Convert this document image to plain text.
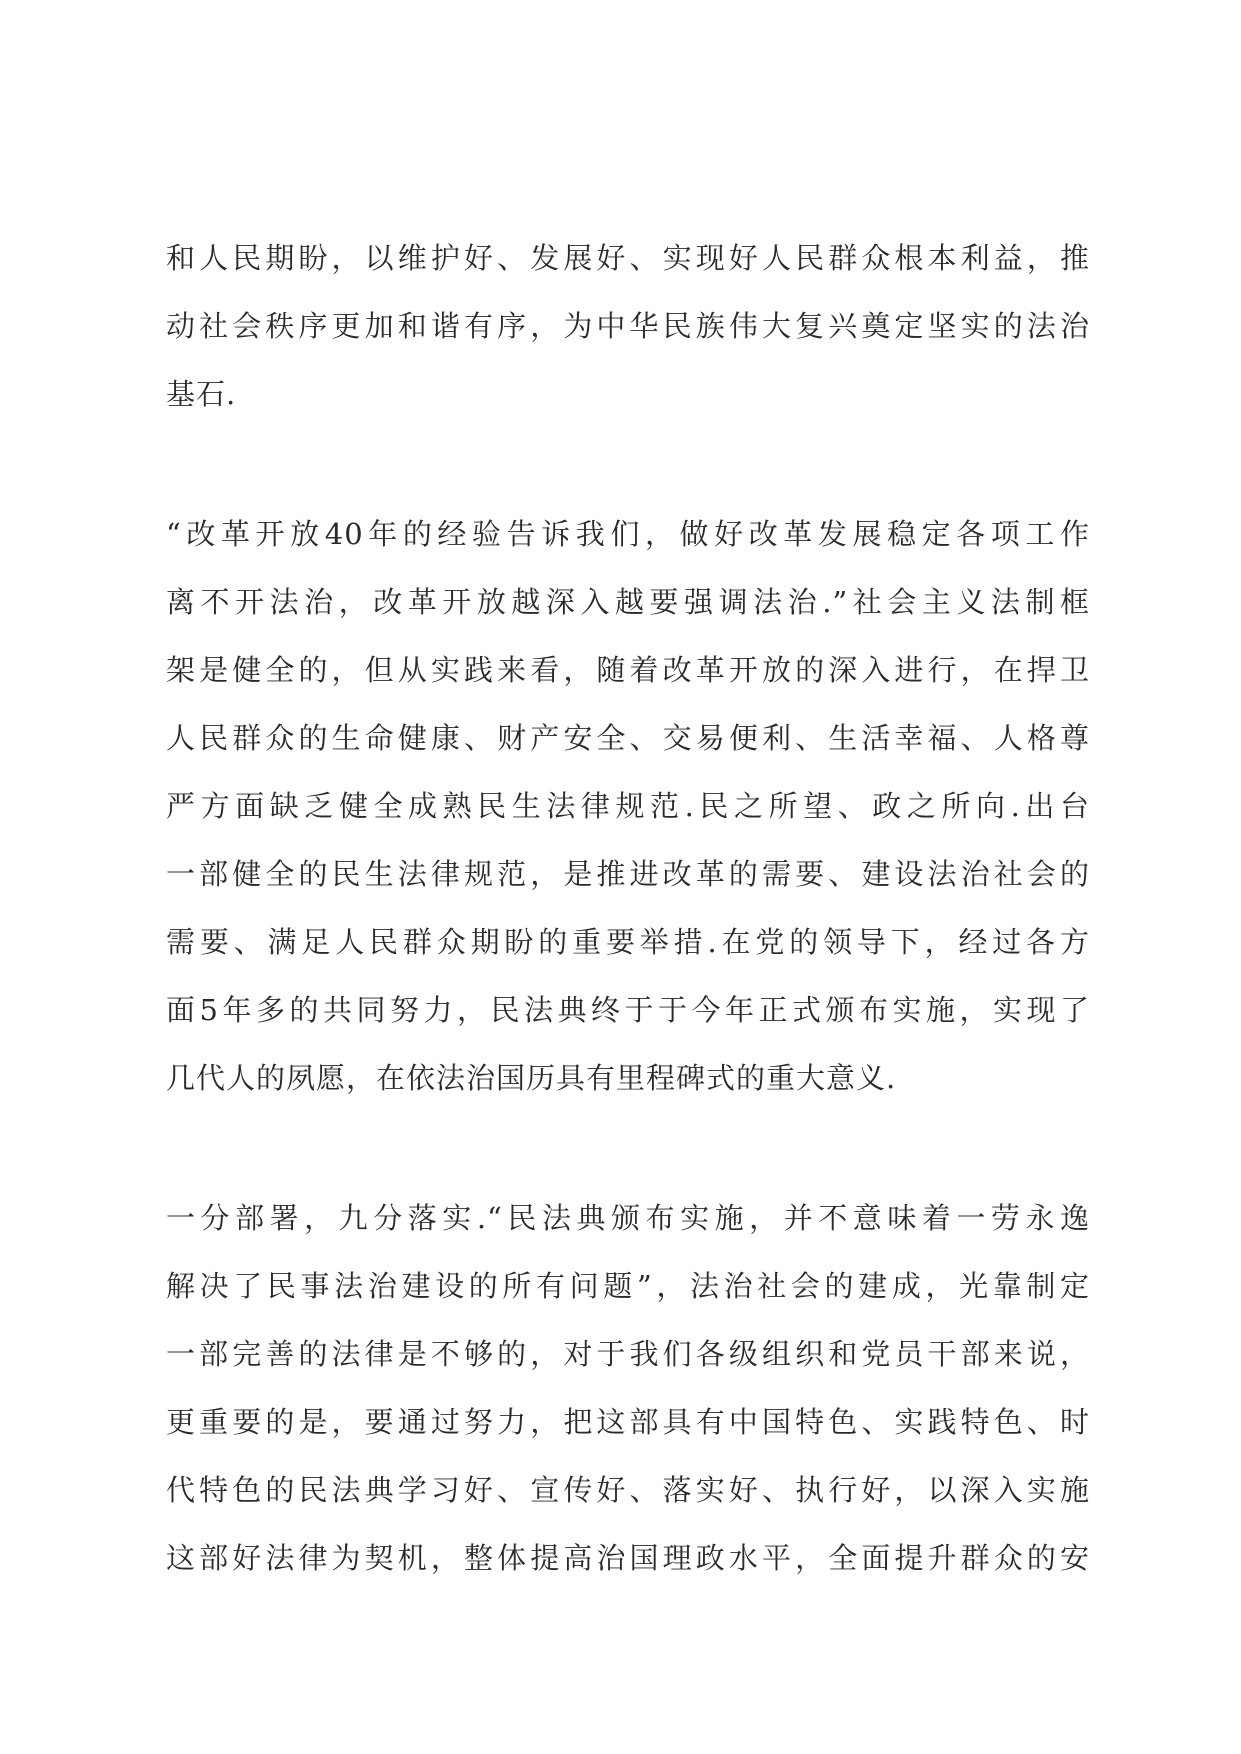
和人民期盼，以维护好、发展好、实现好人民群众根本利益，推
动社会秩序更加和谐有序，为中华民族伟大复兴奠定坚实的法治
基石.
“改革开放40年的经验告诉我们，做好改革发展稳定各项工作
离不开法治，改革开放越深入越要强调法治.”社会主义法制框
架是健全的，但从实践来看，随着改革开放的深入进行，在捍卫
人民群众的生命健康、财产安全、交易便利、生活幸福、人格尊
严方面缺乏健全成熟民生法律规范.民之所望、政之所向.出台
一部健全的民生法律规范，是推进改革的需要、建设法治社会的
需要、满足人民群众期盼的重要举措.在党的领导下，经过各方
面5年多的共同努力，民法典终于于今年正式颁布实施，实现了
几代人的夙愿，在依法治国历具有里程碑式的重大意义.
一分部署，九分落实.“民法典颁布实施，并不意味着一劳永逸
解决了民事法治建设的所有问题”，法治社会的建成，光靠制定
一部完善的法律是不够的，对于我们各级组织和党员干部来说，
更重要的是，要通过努力，把这部具有中国特色、实践特色、时
代特色的民法典学习好、宣传好、落实好、执行好，以深入实施
这部好法律为契机，整体提高治国理政水平，全面提升群众的安
